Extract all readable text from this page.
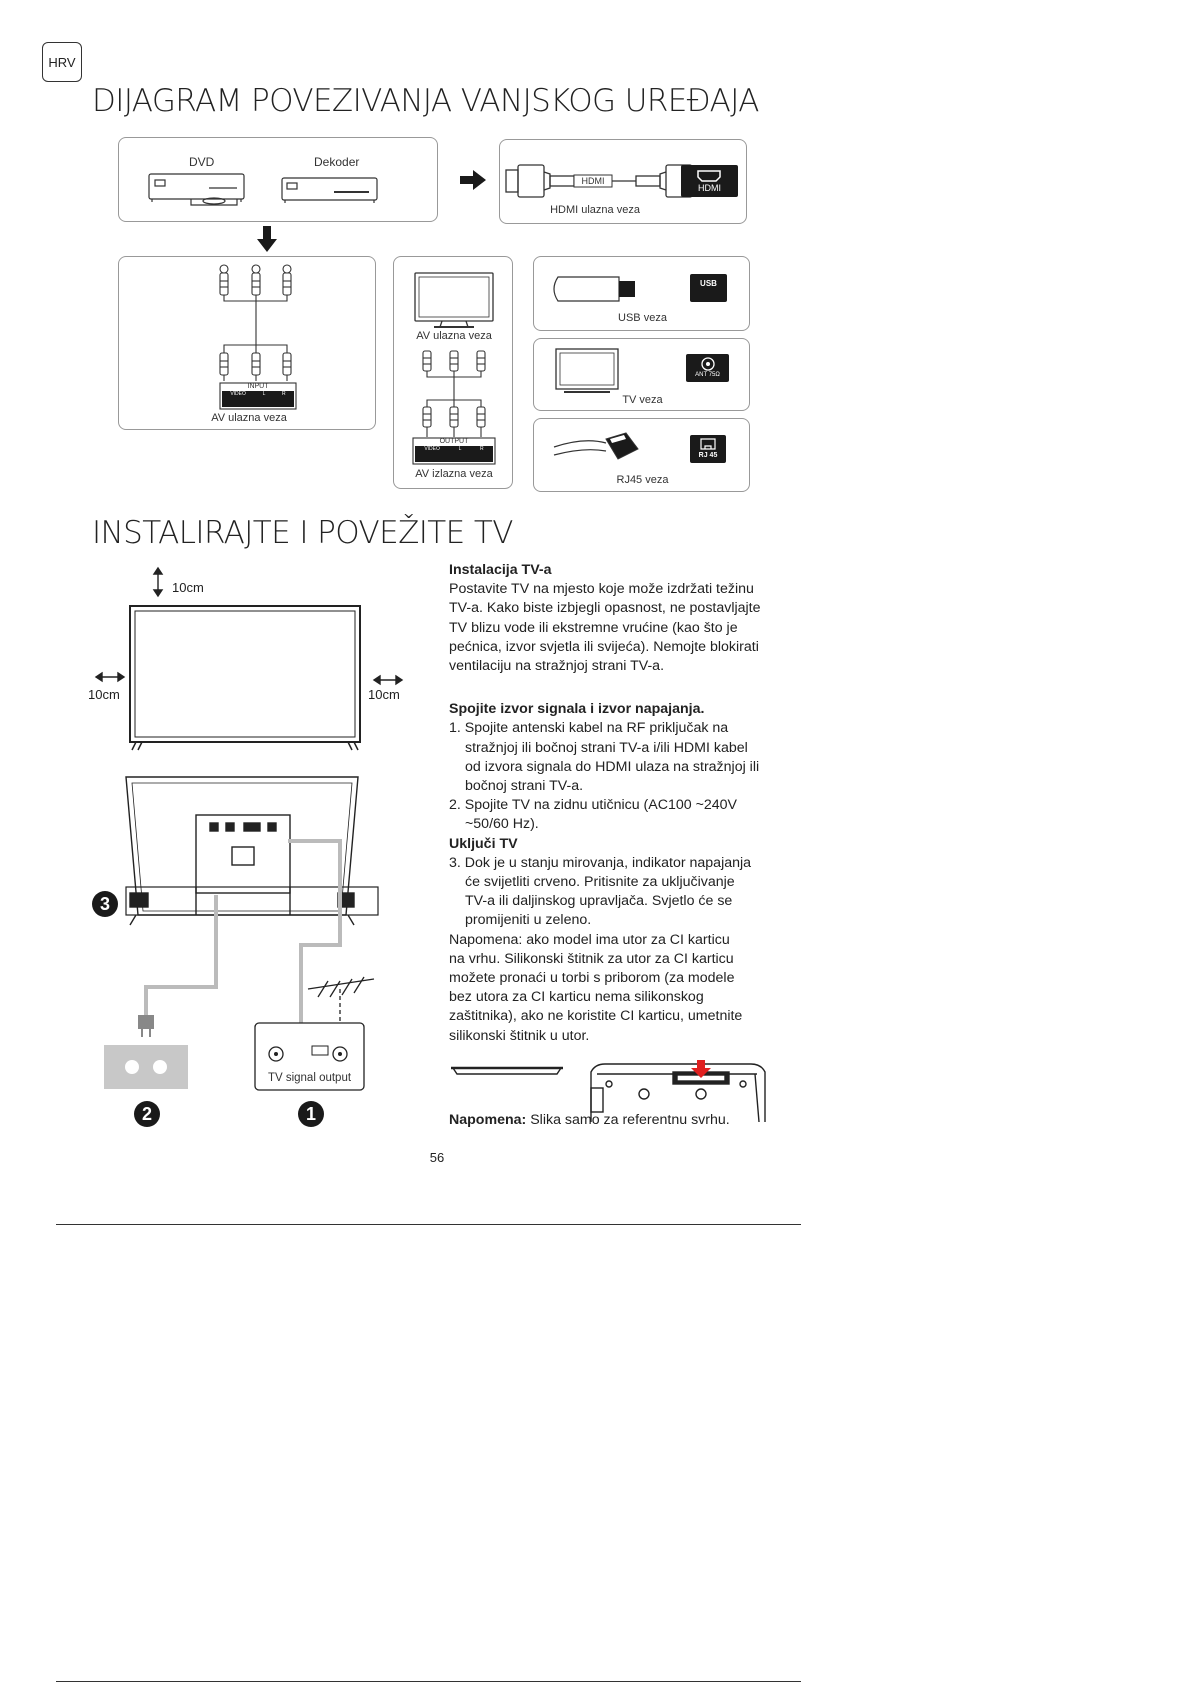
HRV
DIJAGRAM POVEZIVANJA VANJSKOG UREĐAJA
DVD	Dekoder
HDMI
HDMI
HDMI ulazna veza
INPUT
VIDEO	L	R
AV ulazna veza
AV ulazna veza
OUTPUT
VIDEO	L	R
AV izlazna veza
USB
USB veza
ANT 75Ω
TV veza
RJ 45
RJ45 veza
INSTALIRAJTE I POVEŽITE TV
10cm
10cm	10cm
TV signal output
3
2	1
Instalacija TV-a
Postavite TV na mjesto koje može izdržati težinu
TV-a. Kako biste izbjegli opasnost, ne postavljajte
TV blizu vode ili ekstremne vrućine (kao što je
pećnica, izvor svjetla ili svijeća). Nemojte blokirati
ventilaciju na stražnjoj strani TV-a.
Spojite izvor signala i izvor napajanja.
1. Spojite antenski kabel na RF priključak na
stražnjoj ili bočnoj strani TV-a i/ili HDMI kabel
od izvora signala do HDMI ulaza na stražnjoj ili
bočnoj strani TV-a.
2. Spojite TV na zidnu utičnicu (AC100 ~240V
~50/60 Hz).
Uključi TV
3. Dok je u stanju mirovanja, indikator napajanja
će svijetliti crveno. Pritisnite za uključivanje
TV-a ili daljinskog upravljača. Svjetlo će se
promijeniti u zeleno.
Napomena: ako model ima utor za CI karticu
na vrhu. Silikonski štitnik za utor za CI karticu
možete pronaći u torbi s priborom (za modele
bez utora za CI karticu nema silikonskog
zaštitnika), ako ne koristite CI karticu, umetnite
silikonski štitnik u utor.
Napomena: Slika samo za referentnu svrhu.
56
